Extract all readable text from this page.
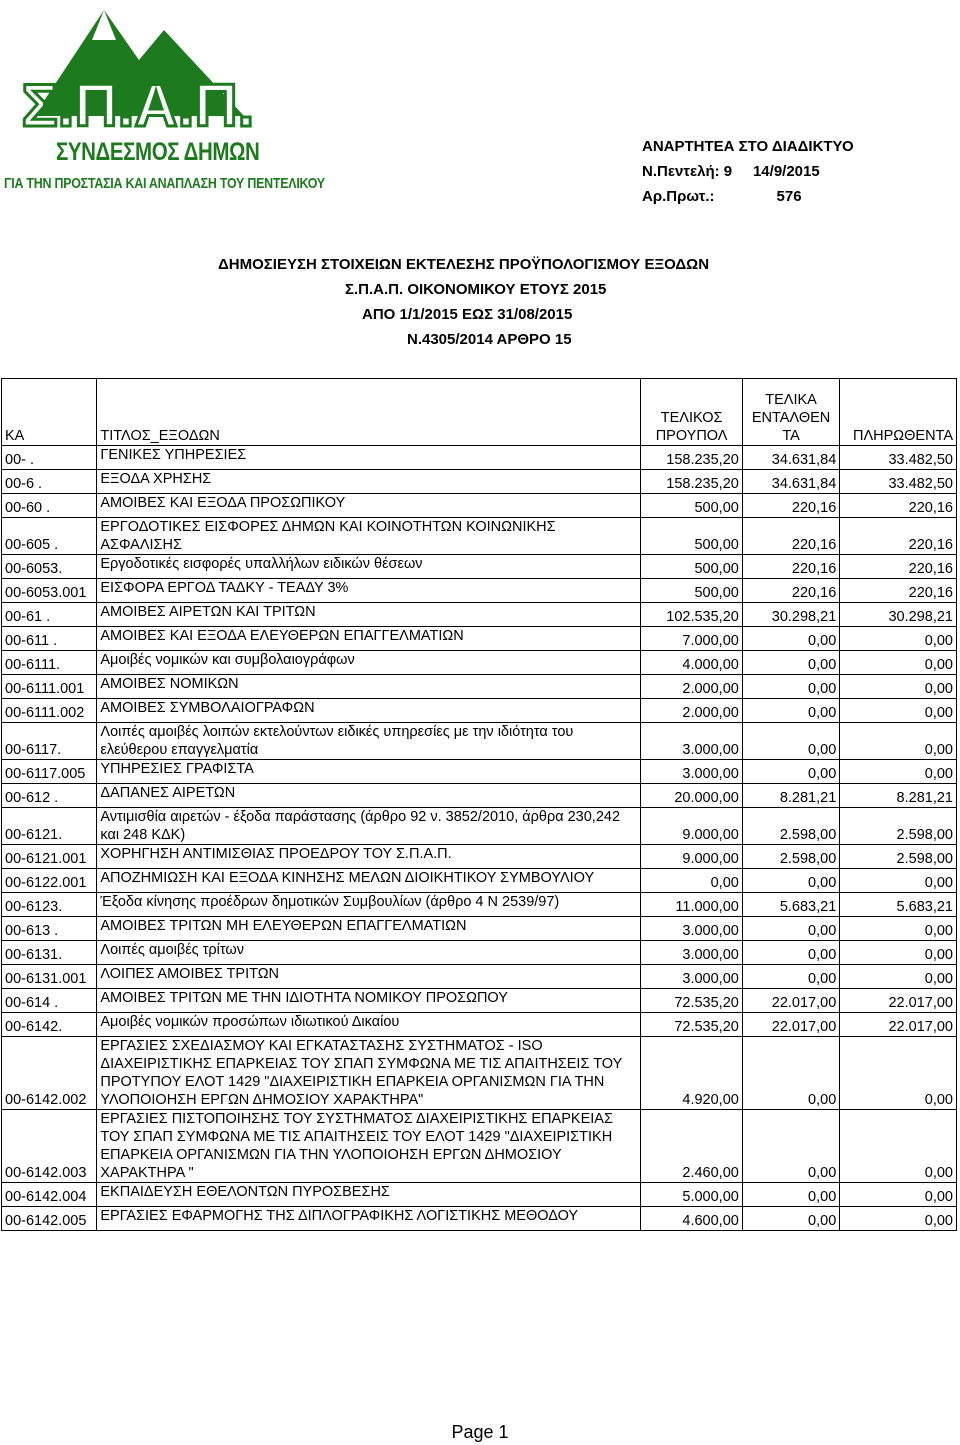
Σ.Π.Α.Π.
ΣΥΝΔΕΣΜΟΣ ΔΗΜΩΝ
ΓΙΑ ΤΗΝ ΠΡΟΣΤΑΣΙΑ ΚΑΙ ΑΝΑΠΛΑΣΗ ΤΟΥ ΠΕΝΤΕΛΙΚΟΥ
ΑΝΑΡΤΗΤΕΑ ΣΤΟ ΔΙΑΔΙΚΤΥΟ
Ν.Πεντελή: 9 14/9/2015
Αρ.Πρωτ.:	576
ΔΗΜΟΣΙΕΥΣΗ ΣΤΟΙΧΕΙΩΝ ΕΚΤΕΛΕΣΗΣ ΠΡΟΫΠΟΛΟΓΙΣΜΟΥ ΕΞΟΔΩΝ
Σ.Π.Α.Π. ΟΙΚΟΝΟΜΙΚΟΥ ΕΤΟΥΣ 2015
ΑΠΟ 1/1/2015 ΕΩΣ 31/08/2015
Ν.4305/2014 ΑΡΘΡΟ 15
ΚΑ	ΤΙΤΛΟΣ_ΕΞΟΔΩΝ	ΤΕΛΙΚΟΣ ΠΡΟΥΠΟΛ	ΤΕΛΙΚΑ ΕΝΤΑΛΘΕΝ ΤΑ	ΠΛΗΡΩΘΕΝΤΑ
00- .	ΓΕΝΙΚΕΣ ΥΠΗΡΕΣΙΕΣ	158.235,20	34.631,84	33.482,50
00-6 .	ΕΞΟΔΑ ΧΡΗΣΗΣ	158.235,20	34.631,84	33.482,50
00-60 .	ΑΜΟΙΒΕΣ ΚΑΙ ΕΞΟΔΑ ΠΡΟΣΩΠΙΚΟΥ	500,00	220,16	220,16
00-605 .	ΕΡΓΟΔΟΤΙΚΕΣ ΕΙΣΦΟΡΕΣ ΔΗΜΩΝ ΚΑΙ ΚΟΙΝΟΤΗΤΩΝ ΚΟΙΝΩΝΙΚΗΣ ΑΣΦΑΛΙΣΗΣ	500,00	220,16	220,16
00-6053.	Εργοδοτικές εισφορές υπαλλήλων ειδικών θέσεων	500,00	220,16	220,16
00-6053.001	ΕΙΣΦΟΡΑ ΕΡΓΟΔ ΤΑΔΚΥ - ΤΕΑΔΥ 3%	500,00	220,16	220,16
00-61 .	ΑΜΟΙΒΕΣ ΑΙΡΕΤΩΝ ΚΑΙ ΤΡΙΤΩΝ	102.535,20	30.298,21	30.298,21
00-611 .	ΑΜΟΙΒΕΣ ΚΑΙ ΕΞΟΔΑ ΕΛΕΥΘΕΡΩΝ ΕΠΑΓΓΕΛΜΑΤΙΩΝ	7.000,00	0,00	0,00
00-6111.	Αμοιβές νομικών και συμβολαιογράφων	4.000,00	0,00	0,00
00-6111.001	ΑΜΟΙΒΕΣ ΝΟΜΙΚΩΝ	2.000,00	0,00	0,00
00-6111.002	ΑΜΟΙΒΕΣ ΣΥΜΒΟΛΑΙΟΓΡΑΦΩΝ	2.000,00	0,00	0,00
00-6117.	Λοιπές αμοιβές λοιπών εκτελούντων ειδικές υπηρεσίες με την ιδιότητα του ελεύθερου επαγγελματία	3.000,00	0,00	0,00
00-6117.005	ΥΠΗΡΕΣΙΕΣ ΓΡΑΦΙΣΤΑ	3.000,00	0,00	0,00
00-612 .	ΔΑΠΑΝΕΣ ΑΙΡΕΤΩΝ	20.000,00	8.281,21	8.281,21
00-6121.	Αντιμισθία αιρετών - έξοδα παράστασης (άρθρο 92 ν. 3852/2010, άρθρα 230,242 και 248 ΚΔΚ)	9.000,00	2.598,00	2.598,00
00-6121.001	ΧΟΡΗΓΗΣΗ ΑΝΤΙΜΙΣΘΙΑΣ ΠΡΟΕΔΡΟΥ ΤΟΥ Σ.Π.Α.Π.	9.000,00	2.598,00	2.598,00
00-6122.001	ΑΠΟΖΗΜΙΩΣΗ ΚΑΙ ΕΞΟΔΑ ΚΙΝΗΣΗΣ ΜΕΛΩΝ ΔΙΟΙΚΗΤΙΚΟΥ ΣΥΜΒΟΥΛΙΟΥ	0,00	0,00	0,00
00-6123.	Έξοδα κίνησης προέδρων δημοτικών Συμβουλίων (άρθρο 4 Ν 2539/97)	11.000,00	5.683,21	5.683,21
00-613 .	ΑΜΟΙΒΕΣ ΤΡΙΤΩΝ ΜΗ ΕΛΕΥΘΕΡΩΝ ΕΠΑΓΓΕΛΜΑΤΙΩΝ	3.000,00	0,00	0,00
00-6131.	Λοιπές αμοιβές τρίτων	3.000,00	0,00	0,00
00-6131.001	ΛΟΙΠΕΣ ΑΜΟΙΒΕΣ ΤΡΙΤΩΝ	3.000,00	0,00	0,00
00-614 .	ΑΜΟΙΒΕΣ ΤΡΙΤΩΝ ΜΕ ΤΗΝ ΙΔΙΟΤΗΤΑ ΝΟΜΙΚΟΥ ΠΡΟΣΩΠΟΥ	72.535,20	22.017,00	22.017,00
00-6142.	Αμοιβές νομικών προσώπων ιδιωτικού Δικαίου	72.535,20	22.017,00	22.017,00
00-6142.002	ΕΡΓΑΣΙΕΣ ΣΧΕΔΙΑΣΜΟΥ ΚΑΙ ΕΓΚΑΤΑΣΤΑΣΗΣ ΣΥΣΤΗΜΑΤΟΣ - ISO ΔΙΑΧΕΙΡΙΣΤΙΚΗΣ ΕΠΑΡΚΕΙΑΣ ΤΟΥ ΣΠΑΠ ΣΥΜΦΩΝΑ ΜΕ ΤΙΣ ΑΠΑΙΤΗΣΕΙΣ ΤΟΥ ΠΡΟΤΥΠΟΥ ΕΛΟΤ 1429 "ΔΙΑΧΕΙΡΙΣΤΙΚΗ ΕΠΑΡΚΕΙΑ ΟΡΓΑΝΙΣΜΩΝ ΓΙΑ ΤΗΝ ΥΛΟΠΟΙΟΗΣΗ ΕΡΓΩΝ ΔΗΜΟΣΙΟΥ ΧΑΡΑΚΤΗΡΑ"	4.920,00	0,00	0,00
00-6142.003	ΕΡΓΑΣΙΕΣ ΠΙΣΤΟΠΟΙΗΣΗΣ ΤΟΥ ΣΥΣΤΗΜΑΤΟΣ ΔΙΑΧΕΙΡΙΣΤΙΚΗΣ ΕΠΑΡΚΕΙΑΣ ΤΟΥ ΣΠΑΠ ΣΥΜΦΩΝΑ ΜΕ ΤΙΣ ΑΠΑΙΤΗΣΕΙΣ ΤΟΥ ΕΛΟΤ 1429 "ΔΙΑΧΕΙΡΙΣΤΙΚΗ ΕΠΑΡΚΕΙΑ ΟΡΓΑΝΙΣΜΩΝ ΓΙΑ ΤΗΝ ΥΛΟΠΟΙΟΗΣΗ ΕΡΓΩΝ ΔΗΜΟΣΙΟΥ ΧΑΡΑΚΤΗΡΑ "	2.460,00	0,00	0,00
00-6142.004	ΕΚΠΑΙΔΕΥΣΗ ΕΘΕΛΟΝΤΩΝ ΠΥΡΟΣΒΕΣΗΣ	5.000,00	0,00	0,00
00-6142.005	ΕΡΓΑΣΙΕΣ ΕΦΑΡΜΟΓΗΣ ΤΗΣ ΔΙΠΛΟΓΡΑΦΙΚΗΣ ΛΟΓΙΣΤΙΚΗΣ ΜΕΘΟΔΟΥ	4.600,00	0,00	0,00
Page 1
